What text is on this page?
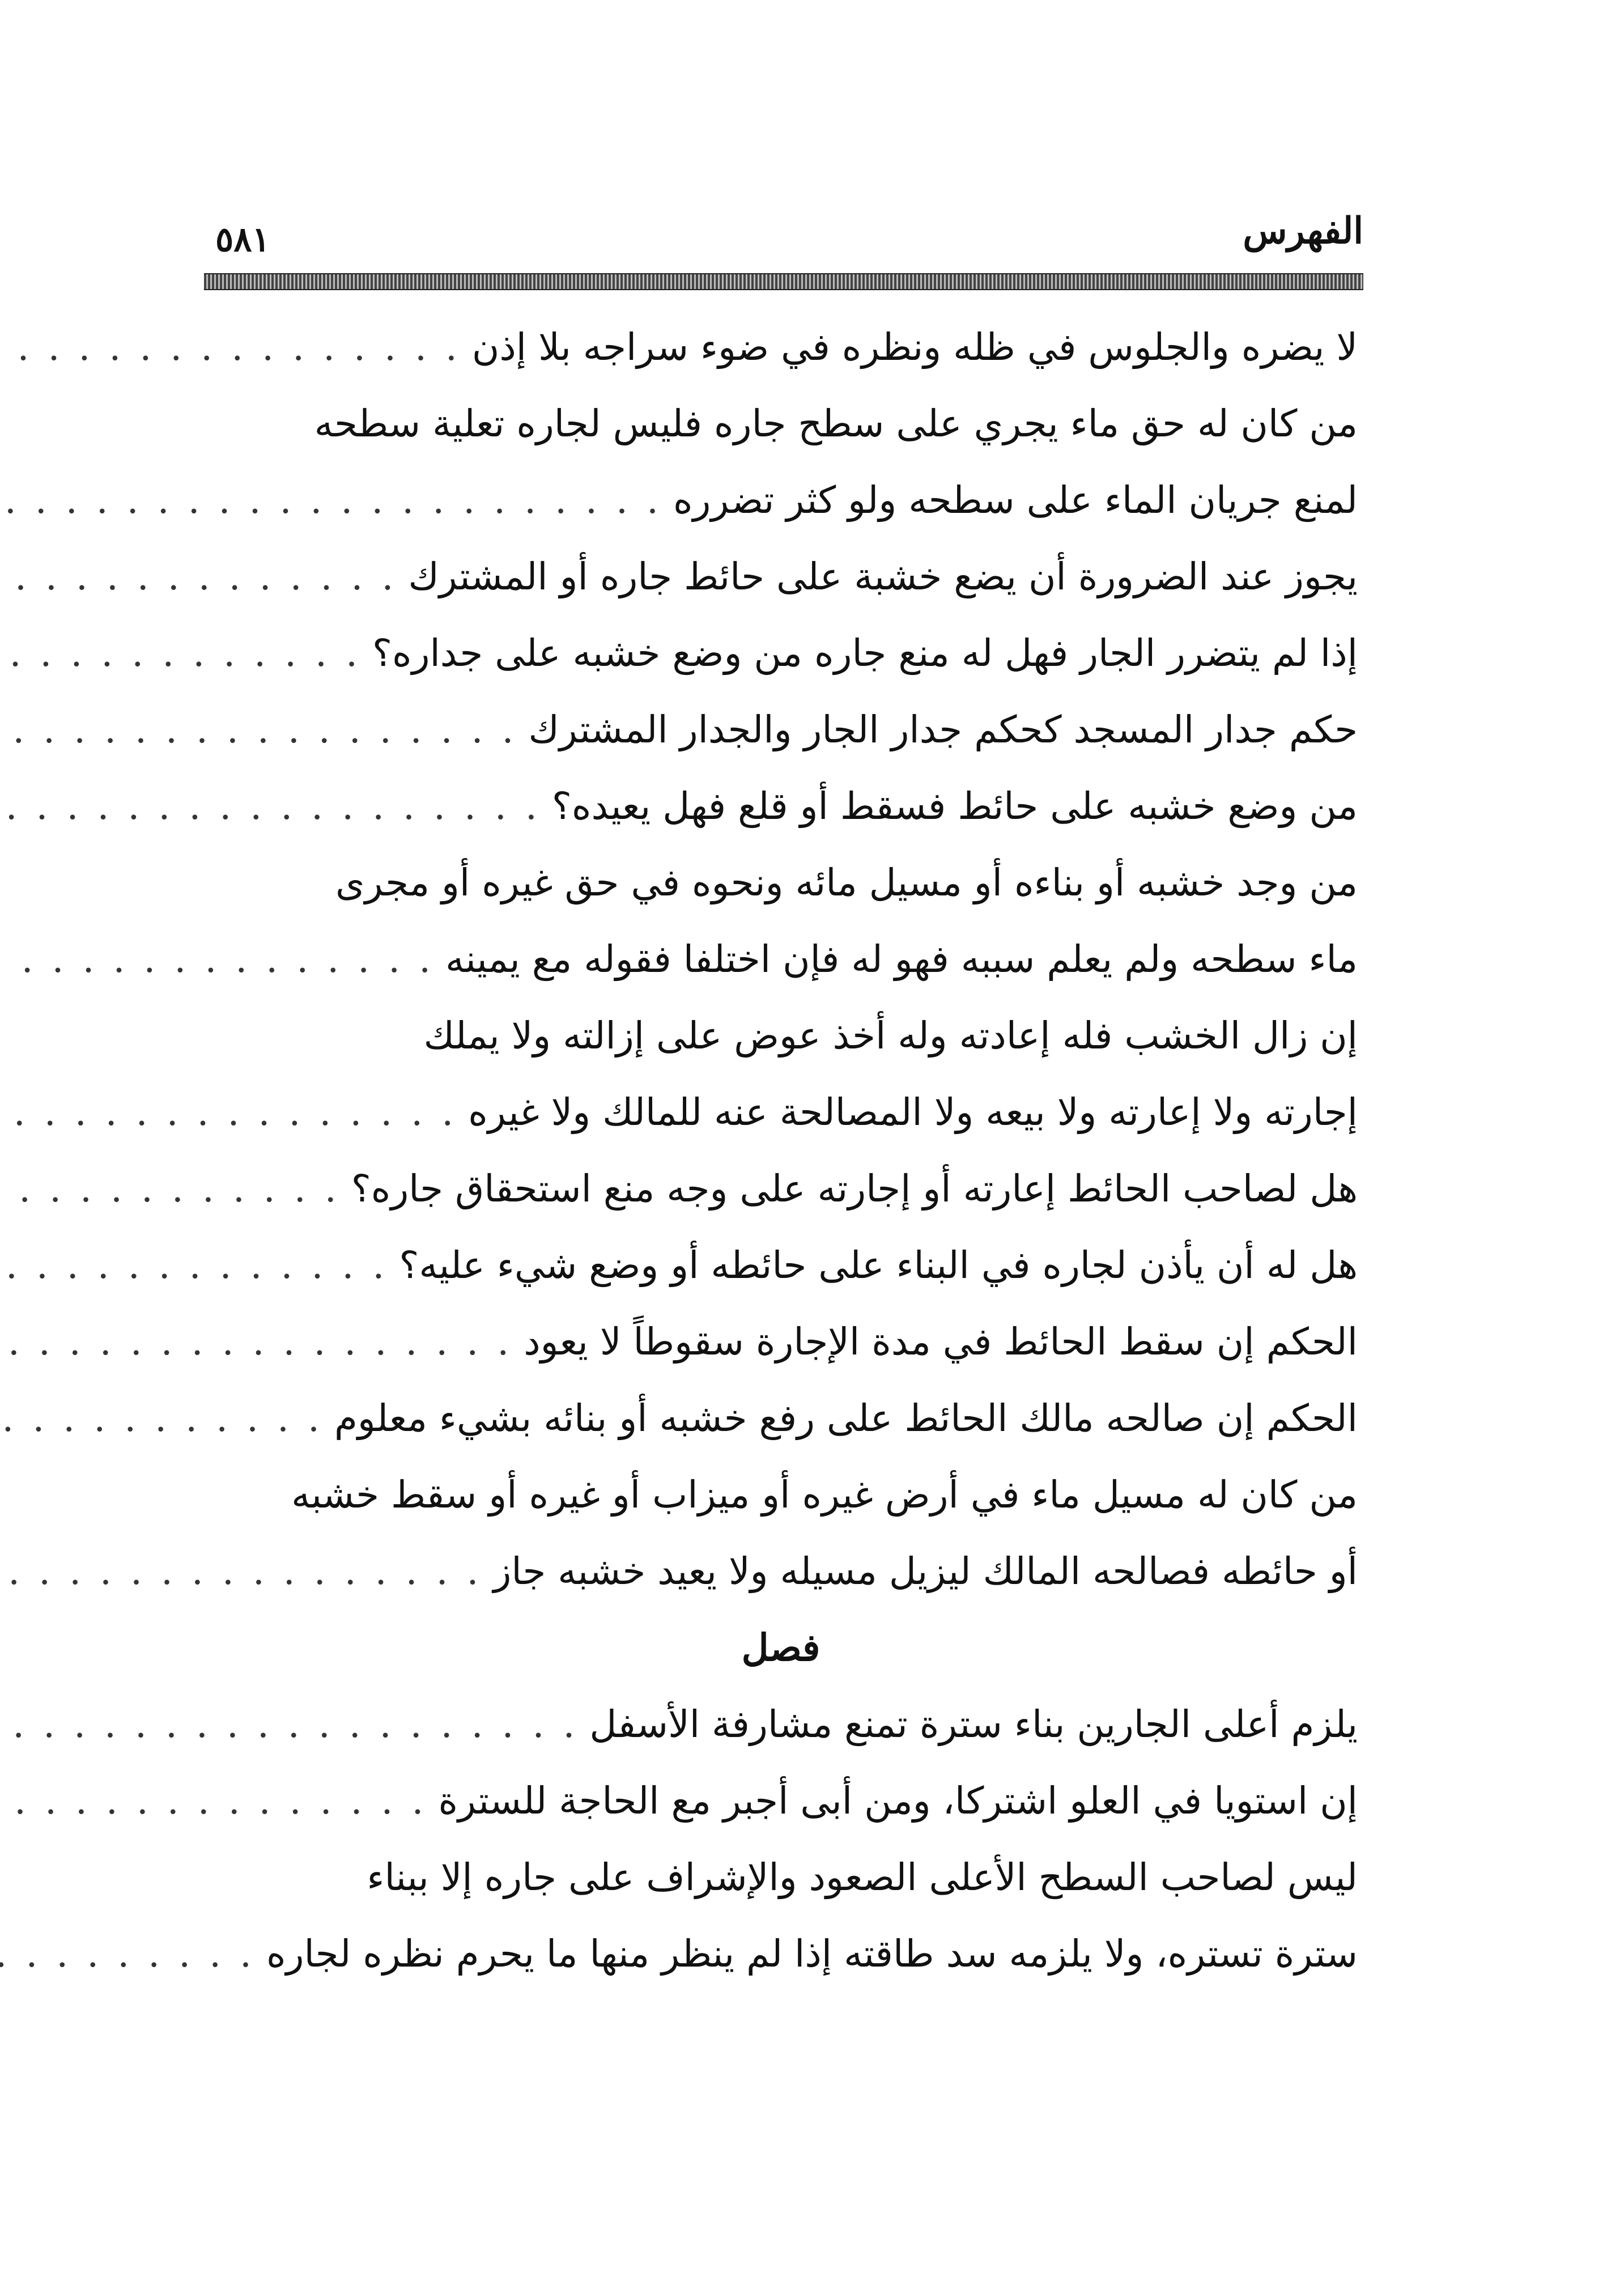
الفهرس
٥٨١
لا يضره والجلوس في ظله ونظره في ضوء سراجه بلا إذن
. . .
من كان له حق ماء يجري على سطح جاره فليس لجاره تعلية سطحه
لمنع جريان الماء على سطحه ولو كثر تضرره
. . .
يجوز عند الضرورة أن يضع خشبة على حائط جاره أو المشترك
. . .
إذا لم يتضرر الجار فهل له منع جاره من وضع خشبه على جداره؟
. . .
حكم جدار المسجد كحكم جدار الجار والجدار المشترك
. . .
من وضع خشبه على حائط فسقط أو قلع فهل يعيده؟
. . .
من وجد خشبه أو بناءه أو مسيل مائه ونحوه في حق غيره أو مجرى
ماء سطحه ولم يعلم سببه فهو له فإن اختلفا فقوله مع يمينه
. . .
إن زال الخشب فله إعادته وله أخذ عوض على إزالته ولا يملك
إجارته ولا إعارته ولا بيعه ولا المصالحة عنه للمالك ولا غيره
. . .
هل لصاحب الحائط إعارته أو إجارته على وجه منع استحقاق جاره؟
. . .
هل له أن يأذن لجاره في البناء على حائطه أو وضع شيء عليه؟
. . .
الحكم إن سقط الحائط في مدة الإجارة سقوطاً لا يعود
. . .
الحكم إن صالحه مالك الحائط على رفع خشبه أو بنائه بشيء معلوم
. . .
من كان له مسيل ماء في أرض غيره أو ميزاب أو غيره أو سقط خشبه
أو حائطه فصالحه المالك ليزيل مسيله ولا يعيد خشبه جاز
. . .
فصل
يلزم أعلى الجارين بناء سترة تمنع مشارفة الأسفل
. . .
إن استويا في العلو اشتركا، ومن أبى أجبر مع الحاجة للسترة
. . .
ليس لصاحب السطح الأعلى الصعود والإشراف على جاره إلا ببناء
سترة تستره، ولا يلزمه سد طاقته إذا لم ينظر منها ما يحرم نظره لجاره
. . .
